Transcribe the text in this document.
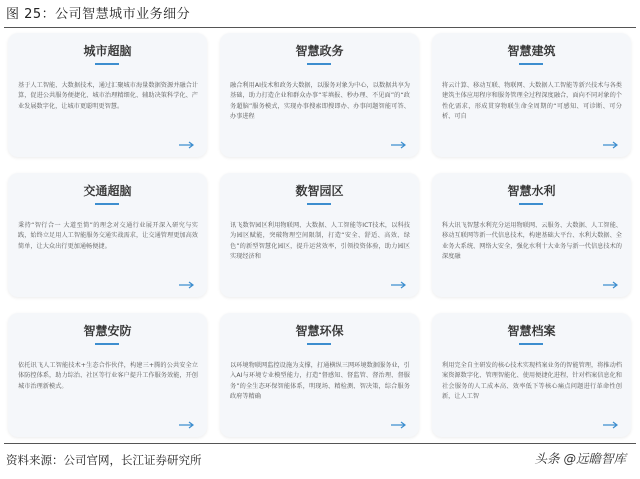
图 25：公司智慧城市业务细分
城市超脑
基于人工智能、大数据技术，通过汇聚城市海量数据资源并融合计算，促进公共服务便捷化、城市治理精细化、辅助决策科学化、产业发展数字化，让城市更聪明更智慧。
智慧政务
融合利用AI技术和政务大数据，以服务对象为中心，以数据共享为基础，助力打造企业和群众办事“零填报、秒办理、不见面”的“政务超脑”服务模式，实现办事搜索即搜即办、办事问题智能可答、办事进程
智慧建筑
将云计算、移动互联、物联网、大数据人工智能等新兴技术与各类建筑主体应用程序和服务管理全过程深度融合，面向不同对象的个性化需求，形成贯穿物联生命全周期的“可感知、可诊断、可分析、可自
交通超脑
秉持“智行合一 大道至简”的理念对交通行业展开深入研究与实践，始终立足用人工智能服务交通实战需求，让交通管理更加高效简单，让大众出行更加通畅便捷。
数智园区
讯飞数智园区利用物联网、大数据、人工智能等ICT技术，以科技为园区赋能，突破物理空间限制，打造“安全、舒适、高效、绿色”的新型智慧化园区，提升运营效率，引领投资体验，助力园区实现经济和
智慧水利
科大讯飞智慧水利充分运用物联网、云服务、大数据、人工智能、移动互联网等新一代信息技术，构建基础大平台、水利大数据、全业务大系统、网络大安全，强化水利十大业务与新一代信息技术的深度融
智慧安防
依托讯飞人工智能技术+生态合作伙伴，构建三+腾的公共安全立体防控体系，助力综治、社区等行业客户提升工作服务效能，开创城市治理新模式。
智慧环保
以环境物联网监控设施为支撑，打通横纵三网环境数据服务业，引入AI与环境专业模型能力，打造“督感知、督监管、督治理、督服务”的全生态环保智能体系，明现场、精检测、智决策，综合服务政府等精确
智慧档案
利用完全自主研发的核心技术实现档案业务的智能管理，将推动档案资源数字化、管理智能化、使用便捷化进程，针对档案信息化和社会服务的人工成本高、效率低下等核心痛点问题进行革命性创新，让人工智
资料来源：公司官网，长江证券研究所	头条 @远瞻智库
